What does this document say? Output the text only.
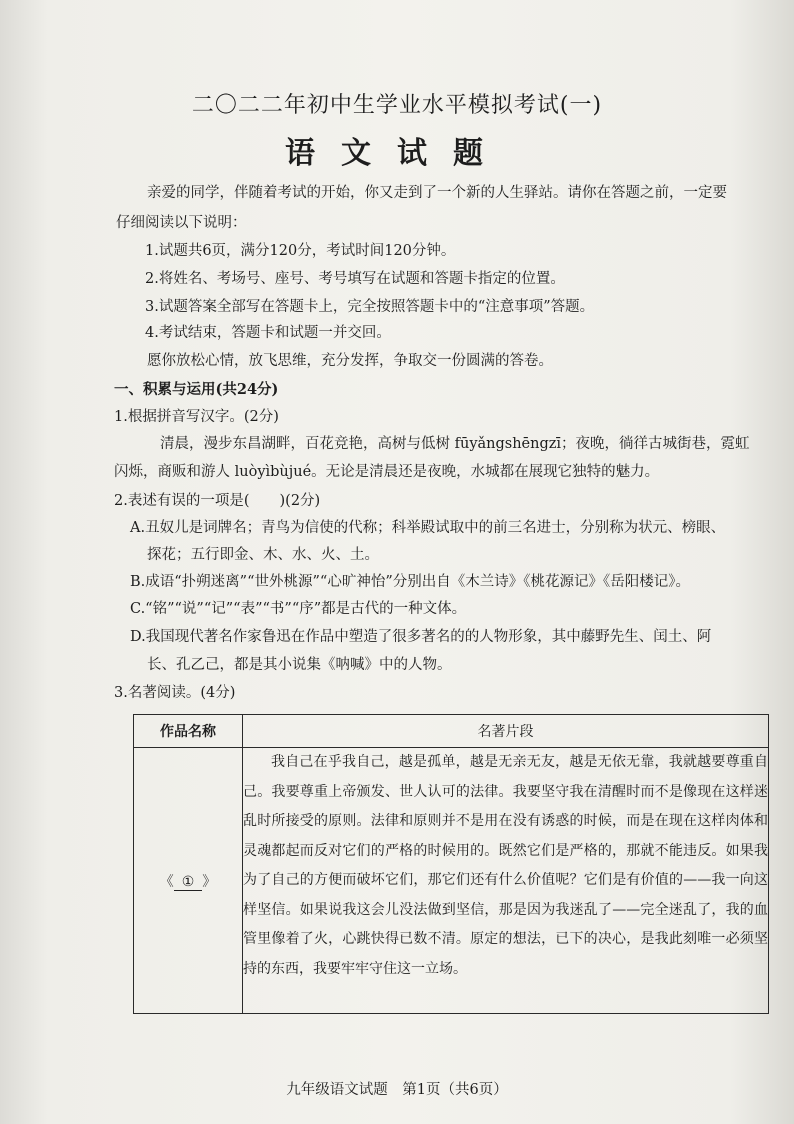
二〇二二年初中生学业水平模拟考试(一)
语文试题
亲爱的同学，伴随着考试的开始，你又走到了一个新的人生驿站。请你在答题之前，一定要
仔细阅读以下说明：
1.试题共6页，满分120分，考试时间120分钟。
2.将姓名、考场号、座号、考号填写在试题和答题卡指定的位置。
3.试题答案全部写在答题卡上，完全按照答题卡中的“注意事项”答题。
4.考试结束，答题卡和试题一并交回。
愿你放松心情，放飞思维，充分发挥，争取交一份圆满的答卷。
一、积累与运用(共24分)
1.根据拼音写汉字。(2分)
清晨，漫步东昌湖畔，百花竞艳，高树与低树 fūyǎngshēngzī；夜晚，徜徉古城街巷，霓虹
闪烁，商贩和游人 luòyìbùjué。无论是清晨还是夜晚，水城都在展现它独特的魅力。
2.表述有误的一项是( )(2分)
A.丑奴儿是词牌名；青鸟为信使的代称；科举殿试取中的前三名进士，分别称为状元、榜眼、
探花；五行即金、木、水、火、土。
B.成语“扑朔迷离”“世外桃源”“心旷神怡”分别出自《木兰诗》《桃花源记》《岳阳楼记》。
C.“铭”“说”“记”“表”“书”“序”都是古代的一种文体。
D.我国现代著名作家鲁迅在作品中塑造了很多著名的的人物形象，其中藤野先生、闰土、阿
长、孔乙己，都是其小说集《呐喊》中的人物。
3.名著阅读。(4分)
作品名称	名著片段
《 ① 》	我自己在乎我自己，越是孤单，越是无亲无友，越是无依无靠，我就越要尊重自己。我要尊重上帝颁发、世人认可的法律。我要坚守我在清醒时而不是像现在这样迷乱时所接受的原则。法律和原则并不是用在没有诱惑的时候，而是在现在这样肉体和灵魂都起而反对它们的严格的时候用的。既然它们是严格的，那就不能违反。如果我为了自己的方便而破坏它们，那它们还有什么价值呢？它们是有价值的——我一向这样坚信。如果说我这会儿没法做到坚信，那是因为我迷乱了——完全迷乱了，我的血管里像着了火，心跳快得已数不清。原定的想法，已下的决心，是我此刻唯一必须坚持的东西，我要牢牢守住这一立场。
九年级语文试题　第1页（共6页）
